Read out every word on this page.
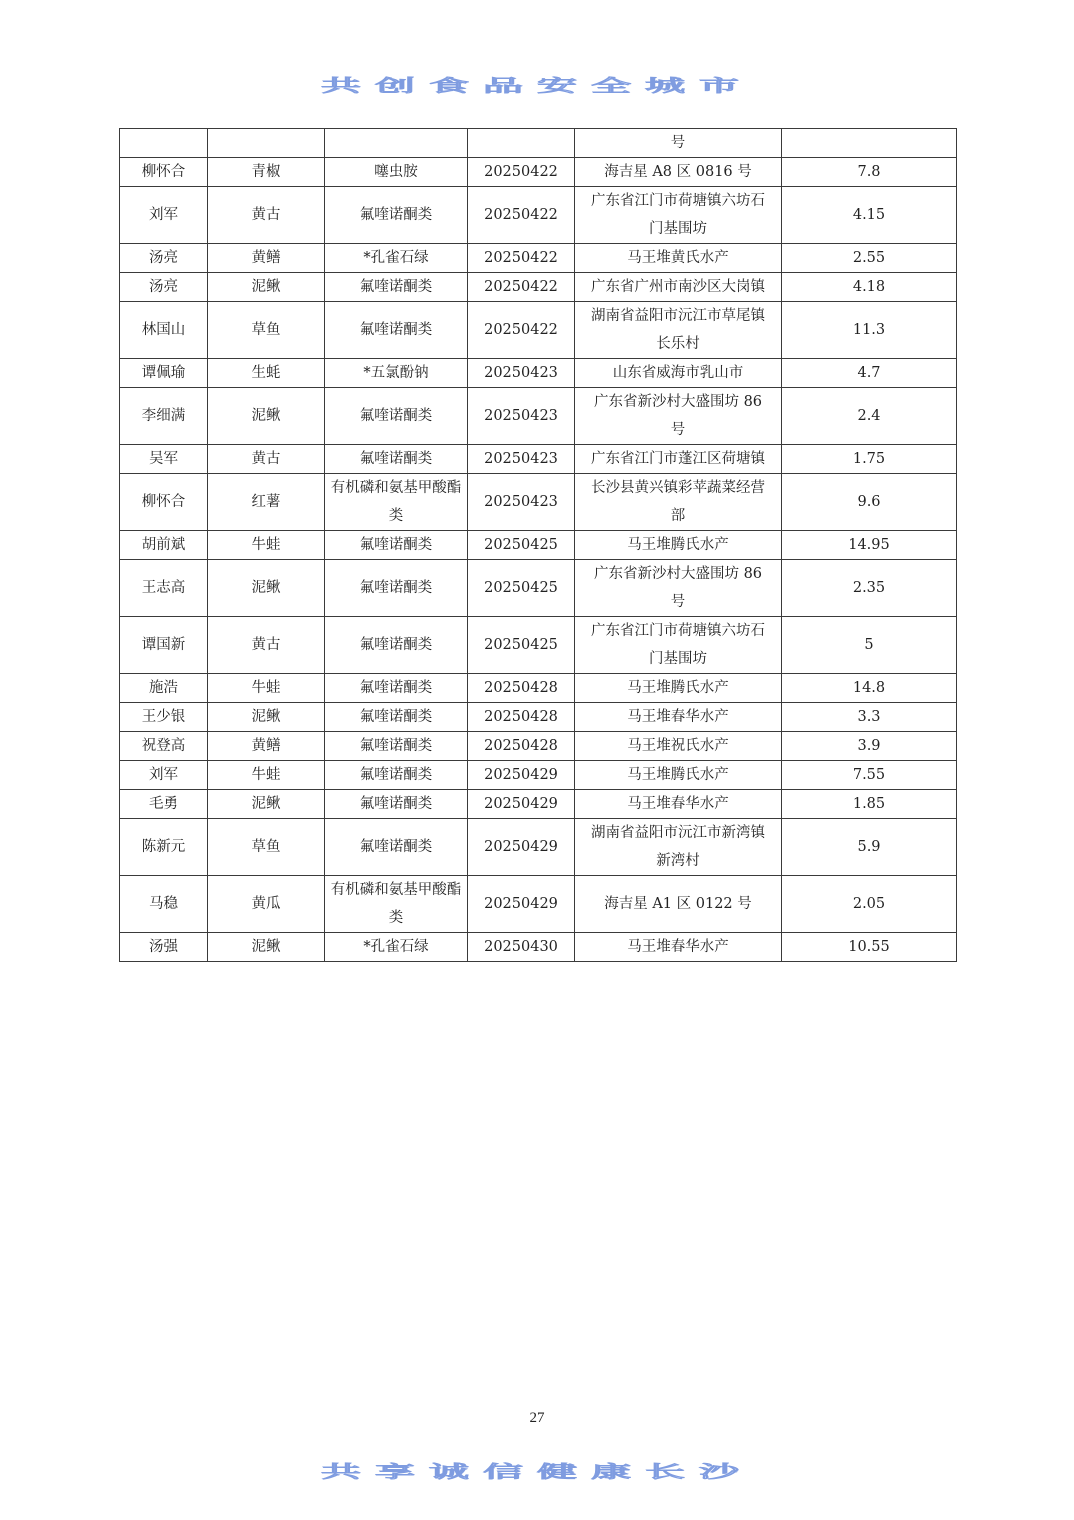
共创食品安全城市
				号	
柳怀合	青椒	噻虫胺	20250422	海吉星 A8 区 0816 号	7.8
刘军	黄古	氟喹诺酮类	20250422	广东省江门市荷塘镇六坊石门基围坊	4.15
汤亮	黄鳝	*孔雀石绿	20250422	马王堆黄氏水产	2.55
汤亮	泥鳅	氟喹诺酮类	20250422	广东省广州市南沙区大岗镇	4.18
林国山	草鱼	氟喹诺酮类	20250422	湖南省益阳市沅江市草尾镇长乐村	11.3
谭佩瑜	生蚝	*五氯酚钠	20250423	山东省威海市乳山市	4.7
李细满	泥鳅	氟喹诺酮类	20250423	广东省新沙村大盛围坊 86 号	2.4
吴军	黄古	氟喹诺酮类	20250423	广东省江门市蓬江区荷塘镇	1.75
柳怀合	红薯	有机磷和氨基甲酸酯类	20250423	长沙县黄兴镇彩苹蔬菜经营部	9.6
胡前斌	牛蛙	氟喹诺酮类	20250425	马王堆腾氏水产	14.95
王志高	泥鳅	氟喹诺酮类	20250425	广东省新沙村大盛围坊 86 号	2.35
谭国新	黄古	氟喹诺酮类	20250425	广东省江门市荷塘镇六坊石门基围坊	5
施浩	牛蛙	氟喹诺酮类	20250428	马王堆腾氏水产	14.8
王少银	泥鳅	氟喹诺酮类	20250428	马王堆春华水产	3.3
祝登高	黄鳝	氟喹诺酮类	20250428	马王堆祝氏水产	3.9
刘军	牛蛙	氟喹诺酮类	20250429	马王堆腾氏水产	7.55
毛勇	泥鳅	氟喹诺酮类	20250429	马王堆春华水产	1.85
陈新元	草鱼	氟喹诺酮类	20250429	湖南省益阳市沅江市新湾镇新湾村	5.9
马稳	黄瓜	有机磷和氨基甲酸酯类	20250429	海吉星 A1 区 0122 号	2.05
汤强	泥鳅	*孔雀石绿	20250430	马王堆春华水产	10.55
27
共享诚信健康长沙
